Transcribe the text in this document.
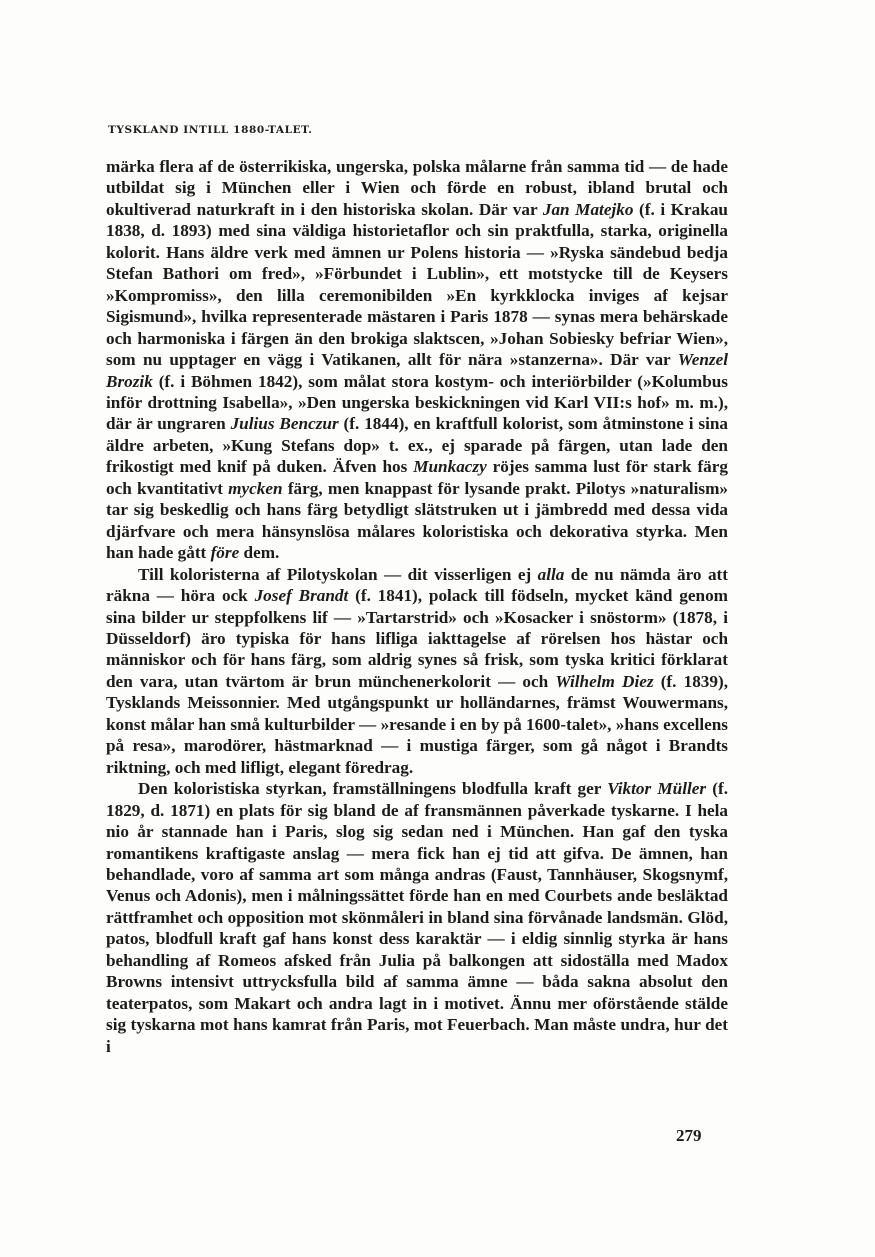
TYSKLAND INTILL 1880-TALET.

märka flera af de österrikiska, ungerska, polska målarne från samma tid — de hade utbildat sig i München eller i Wien och förde en robust, ibland brutal och okultiverad naturkraft in i den historiska skolan. Där var Jan Matejko (f. i Krakau 1838, d. 1893) med sina väldiga historietaflor och sin praktfulla, starka, originella kolorit. Hans äldre verk med ämnen ur Polens historia — »Ryska sändebud bedja Stefan Bathori om fred», »Förbundet i Lublin», ett motstycke till de Keysers »Kompromiss», den lilla ceremonibilden »En kyrkklocka inviges af kejsar Sigismund», hvilka representerade mästaren i Paris 1878 — synas mera behärskade och harmoniska i färgen än den brokiga slaktscen, »Johan Sobiesky befriar Wien», som nu upptager en vägg i Vatikanen, allt för nära »stanzerna». Där var Wenzel Brozik (f. i Böhmen 1842), som målat stora kostym- och interiörbilder (»Kolumbus inför drottning Isabella», »Den ungerska beskickningen vid Karl VII:s hof» m. m.), där är ungraren Julius Benczur (f. 1844), en kraftfull kolorist, som åtminstone i sina äldre arbeten, »Kung Stefans dop» t. ex., ej sparade på färgen, utan lade den frikostigt med knif på duken. Äfven hos Munkaczy röjes samma lust för stark färg och kvantitativt mycken färg, men knappast för lysande prakt. Pilotys »naturalism» tar sig beskedlig och hans färg betydligt slätstruken ut i jämbredd med dessa vida djärfvare och mera hänsynslösa målares koloristiska och dekorativa styrka. Men han hade gått före dem.

Till koloristerna af Pilotyskolan — dit visserligen ej alla de nu nämda äro att räkna — höra ock Josef Brandt (f. 1841), polack till födseln, mycket känd genom sina bilder ur steppfolkens lif — »Tartarstrid» och »Kosacker i snöstorm» (1878, i Düsseldorf) äro typiska för hans lifliga iakttagelse af rörelsen hos hästar och människor och för hans färg, som aldrig synes så frisk, som tyska kritici förklarat den vara, utan tvärtom är brun münchenerkolorit — och Wilhelm Diez (f. 1839), Tysklands Meissonnier. Med utgångspunkt ur holländarnes, främst Wouwermans, konst målar han små kulturbilder — »resande i en by på 1600-talet», »hans excellens på resa», marodörer, hästmarknad — i mustiga färger, som gå något i Brandts riktning, och med lifligt, elegant föredrag.

Den koloristiska styrkan, framställningens blodfulla kraft ger Viktor Müller (f. 1829, d. 1871) en plats för sig bland de af fransmännen påverkade tyskarne. I hela nio år stannade han i Paris, slog sig sedan ned i München. Han gaf den tyska romantikens kraftigaste anslag — mera fick han ej tid att gifva. De ämnen, han behandlade, voro af samma art som många andras (Faust, Tannhäuser, Skogsnymf, Venus och Adonis), men i målningssättet förde han en med Courbets ande besläktad rättframhet och opposition mot skönmåleri in bland sina förvånade landsmän. Glöd, patos, blodfull kraft gaf hans konst dess karaktär — i eldig sinnlig styrka är hans behandling af Romeos afsked från Julia på balkongen att sidoställa med Madox Browns intensivt uttrycksfulla bild af samma ämne — båda sakna absolut den teaterpatos, som Makart och andra lagt in i motivet. Ännu mer oförstående stälde sig tyskarna mot hans kamrat från Paris, mot Feuerbach. Man måste undra, hur det i

279
